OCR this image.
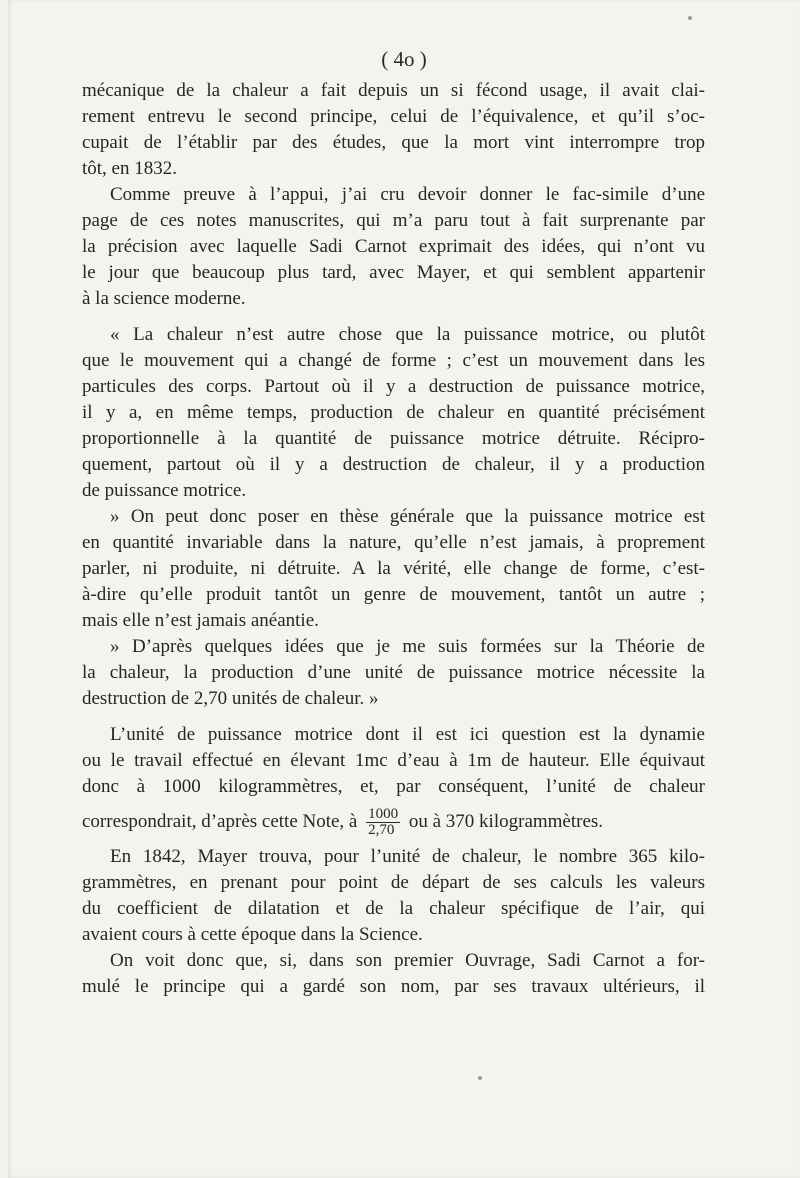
( 4o )
mécanique de la chaleur a fait depuis un si fécond usage, il avait clai-
rement entrevu le second principe, celui de l’équivalence, et qu’il s’oc-
cupait de l’établir par des études, que la mort vint interrompre trop
tôt, en 1832.
Comme preuve à l’appui, j’ai cru devoir donner le fac-simile d’une
page de ces notes manuscrites, qui m’a paru tout à fait surprenante par
la précision avec laquelle Sadi Carnot exprimait des idées, qui n’ont vu
le jour que beaucoup plus tard, avec Mayer, et qui semblent appartenir
à la science moderne.
« La chaleur n’est autre chose que la puissance motrice, ou plutôt
que le mouvement qui a changé de forme ; c’est un mouvement dans les
particules des corps. Partout où il y a destruction de puissance motrice,
il y a, en même temps, production de chaleur en quantité précisément
proportionnelle à la quantité de puissance motrice détruite. Récipro-
quement, partout où il y a destruction de chaleur, il y a production
de puissance motrice.
» On peut donc poser en thèse générale que la puissance motrice est
en quantité invariable dans la nature, qu’elle n’est jamais, à proprement
parler, ni produite, ni détruite. A la vérité, elle change de forme, c’est-
à-dire qu’elle produit tantôt un genre de mouvement, tantôt un autre ;
mais elle n’est jamais anéantie.
» D’après quelques idées que je me suis formées sur la Théorie de
la chaleur, la production d’une unité de puissance motrice nécessite la
destruction de 2,70 unités de chaleur. »
L’unité de puissance motrice dont il est ici question est la dynamie
ou le travail effectué en élevant 1mc d’eau à 1m de hauteur. Elle équivaut
donc à 1000 kilogrammètres, et, par conséquent, l’unité de chaleur
correspondrait, d’après cette Note, à $\frac{1000}{2,70}$ ou à 370 kilogrammètres.
En 1842, Mayer trouva, pour l’unité de chaleur, le nombre 365 kilo-
grammètres, en prenant pour point de départ de ses calculs les valeurs
du coefficient de dilatation et de la chaleur spécifique de l’air, qui
avaient cours à cette époque dans la Science.
On voit donc que, si, dans son premier Ouvrage, Sadi Carnot a for-
mulé le principe qui a gardé son nom, par ses travaux ultérieurs, il
